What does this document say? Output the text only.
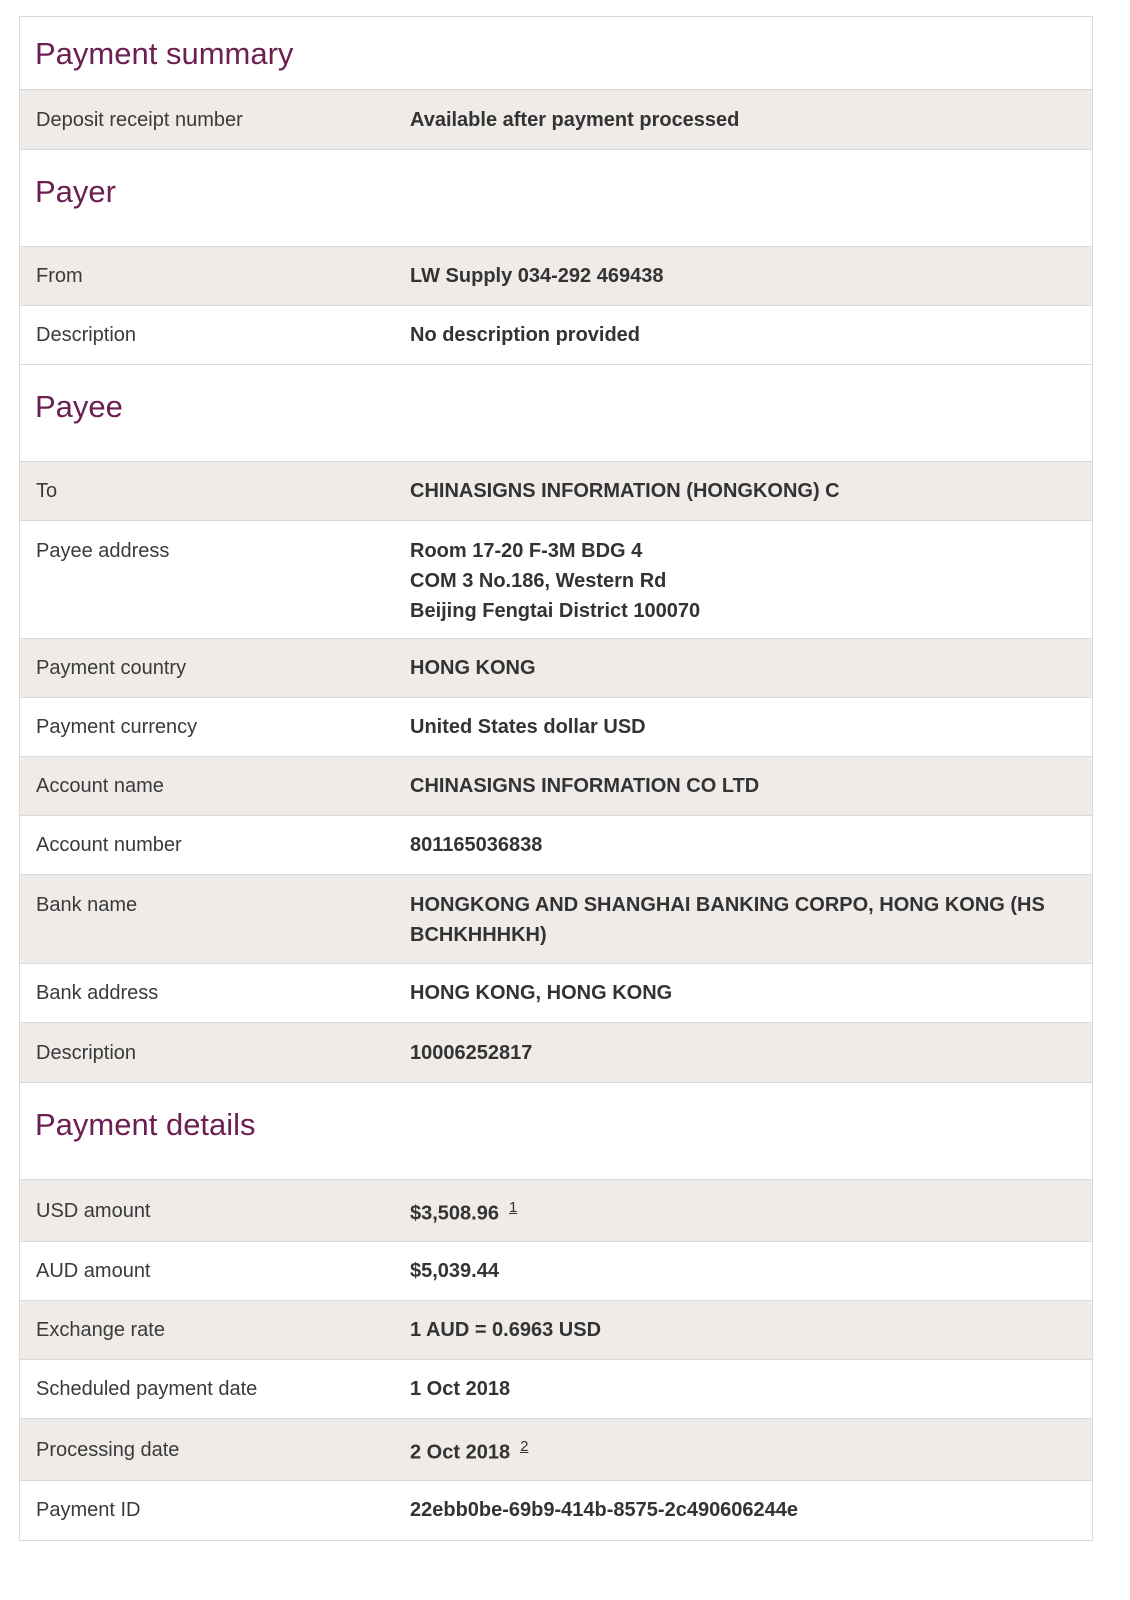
Payment summary
Deposit receipt number	Available after payment processed
Payer
From	LW Supply 034-292 469438
Description	No description provided
Payee
To	CHINASIGNS INFORMATION (HONGKONG) C
Payee address	Room 17-20 F-3M BDG 4
COM 3 No.186, Western Rd
Beijing Fengtai District 100070
Payment country	HONG KONG
Payment currency	United States dollar USD
Account name	CHINASIGNS INFORMATION CO LTD
Account number	801165036838
Bank name	HONGKONG AND SHANGHAI BANKING CORPO, HONG KONG (HS BCHKHHHKH)
Bank address	HONG KONG, HONG KONG
Description	10006252817
Payment details
USD amount	$3,508.96 $^1$
AUD amount	$5,039.44
Exchange rate	1 AUD = 0.6963 USD
Scheduled payment date	1 Oct 2018
Processing date	2 Oct 2018 $^2$
Payment ID	22ebb0be-69b9-414b-8575-2c490606244e
